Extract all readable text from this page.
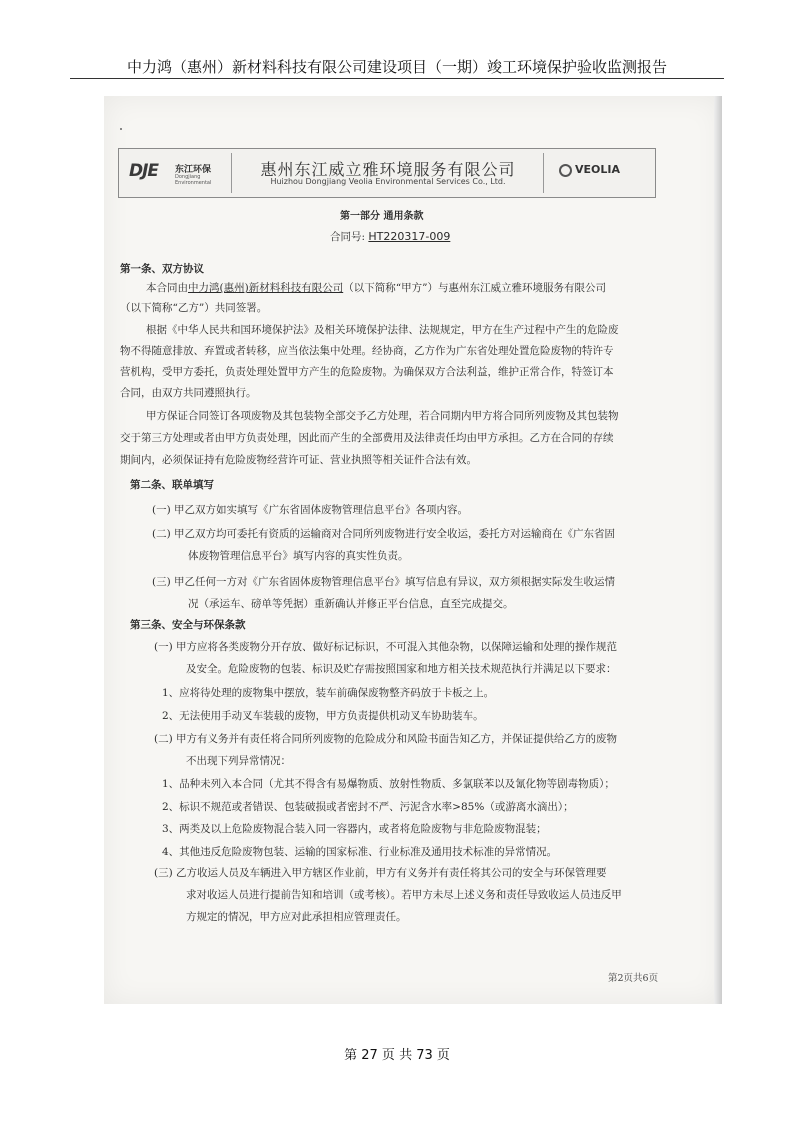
中力鸿（惠州）新材料科技有限公司建设项目（一期）竣工环境保护验收监测报告
DJE 东江环保
Dongjiang Environmental
惠州东江威立雅环境服务有限公司
Huizhou Dongjiang Veolia Environmental Services Co., Ltd.
VEOLIA
第一部分 通用条款
合同号: HT220317-009
第一条、双方协议
本合同由中力鸿(惠州)新材料科技有限公司（以下简称“甲方”）与惠州东江威立雅环境服务有限公司
（以下简称“乙方”）共同签署。
根据《中华人民共和国环境保护法》及相关环境保护法律、法规规定，甲方在生产过程中产生的危险废
物不得随意排放、弃置或者转移，应当依法集中处理。经协商，乙方作为广东省处理处置危险废物的特许专
营机构，受甲方委托，负责处理处置甲方产生的危险废物。为确保双方合法利益，维护正常合作，特签订本
合同，由双方共同遵照执行。
甲方保证合同签订各项废物及其包装物全部交予乙方处理，若合同期内甲方将合同所列废物及其包装物
交于第三方处理或者由甲方负责处理，因此而产生的全部费用及法律责任均由甲方承担。乙方在合同的存续
期间内，必须保证持有危险废物经营许可证、营业执照等相关证件合法有效。
第二条、联单填写
(一) 甲乙双方如实填写《广东省固体废物管理信息平台》各项内容。
(二) 甲乙双方均可委托有资质的运输商对合同所列废物进行安全收运，委托方对运输商在《广东省固
体废物管理信息平台》填写内容的真实性负责。
(三) 甲乙任何一方对《广东省固体废物管理信息平台》填写信息有异议，双方须根据实际发生收运情
况（承运车、磅单等凭据）重新确认并修正平台信息，直至完成提交。
第三条、安全与环保条款
(一) 甲方应将各类废物分开存放、做好标记标识，不可混入其他杂物，以保障运输和处理的操作规范
及安全。危险废物的包装、标识及贮存需按照国家和地方相关技术规范执行并满足以下要求：
1、应将待处理的废物集中摆放，装车前确保废物整齐码放于卡板之上。
2、无法使用手动叉车装载的废物，甲方负责提供机动叉车协助装车。
(二) 甲方有义务并有责任将合同所列废物的危险成分和风险书面告知乙方，并保证提供给乙方的废物
不出现下列异常情况：
1、品种未列入本合同（尤其不得含有易爆物质、放射性物质、多氯联苯以及氰化物等剧毒物质）；
2、标识不规范或者错误、包装破损或者密封不严、污泥含水率>85%（或游离水滴出）；
3、两类及以上危险废物混合装入同一容器内，或者将危险废物与非危险废物混装；
4、其他违反危险废物包装、运输的国家标准、行业标准及通用技术标准的异常情况。
(三) 乙方收运人员及车辆进入甲方辖区作业前，甲方有义务并有责任将其公司的安全与环保管理要
求对收运人员进行提前告知和培训（或考核）。若甲方未尽上述义务和责任导致收运人员违反甲
方规定的情况，甲方应对此承担相应管理责任。
第2页共6页
第 27 页 共 73 页
